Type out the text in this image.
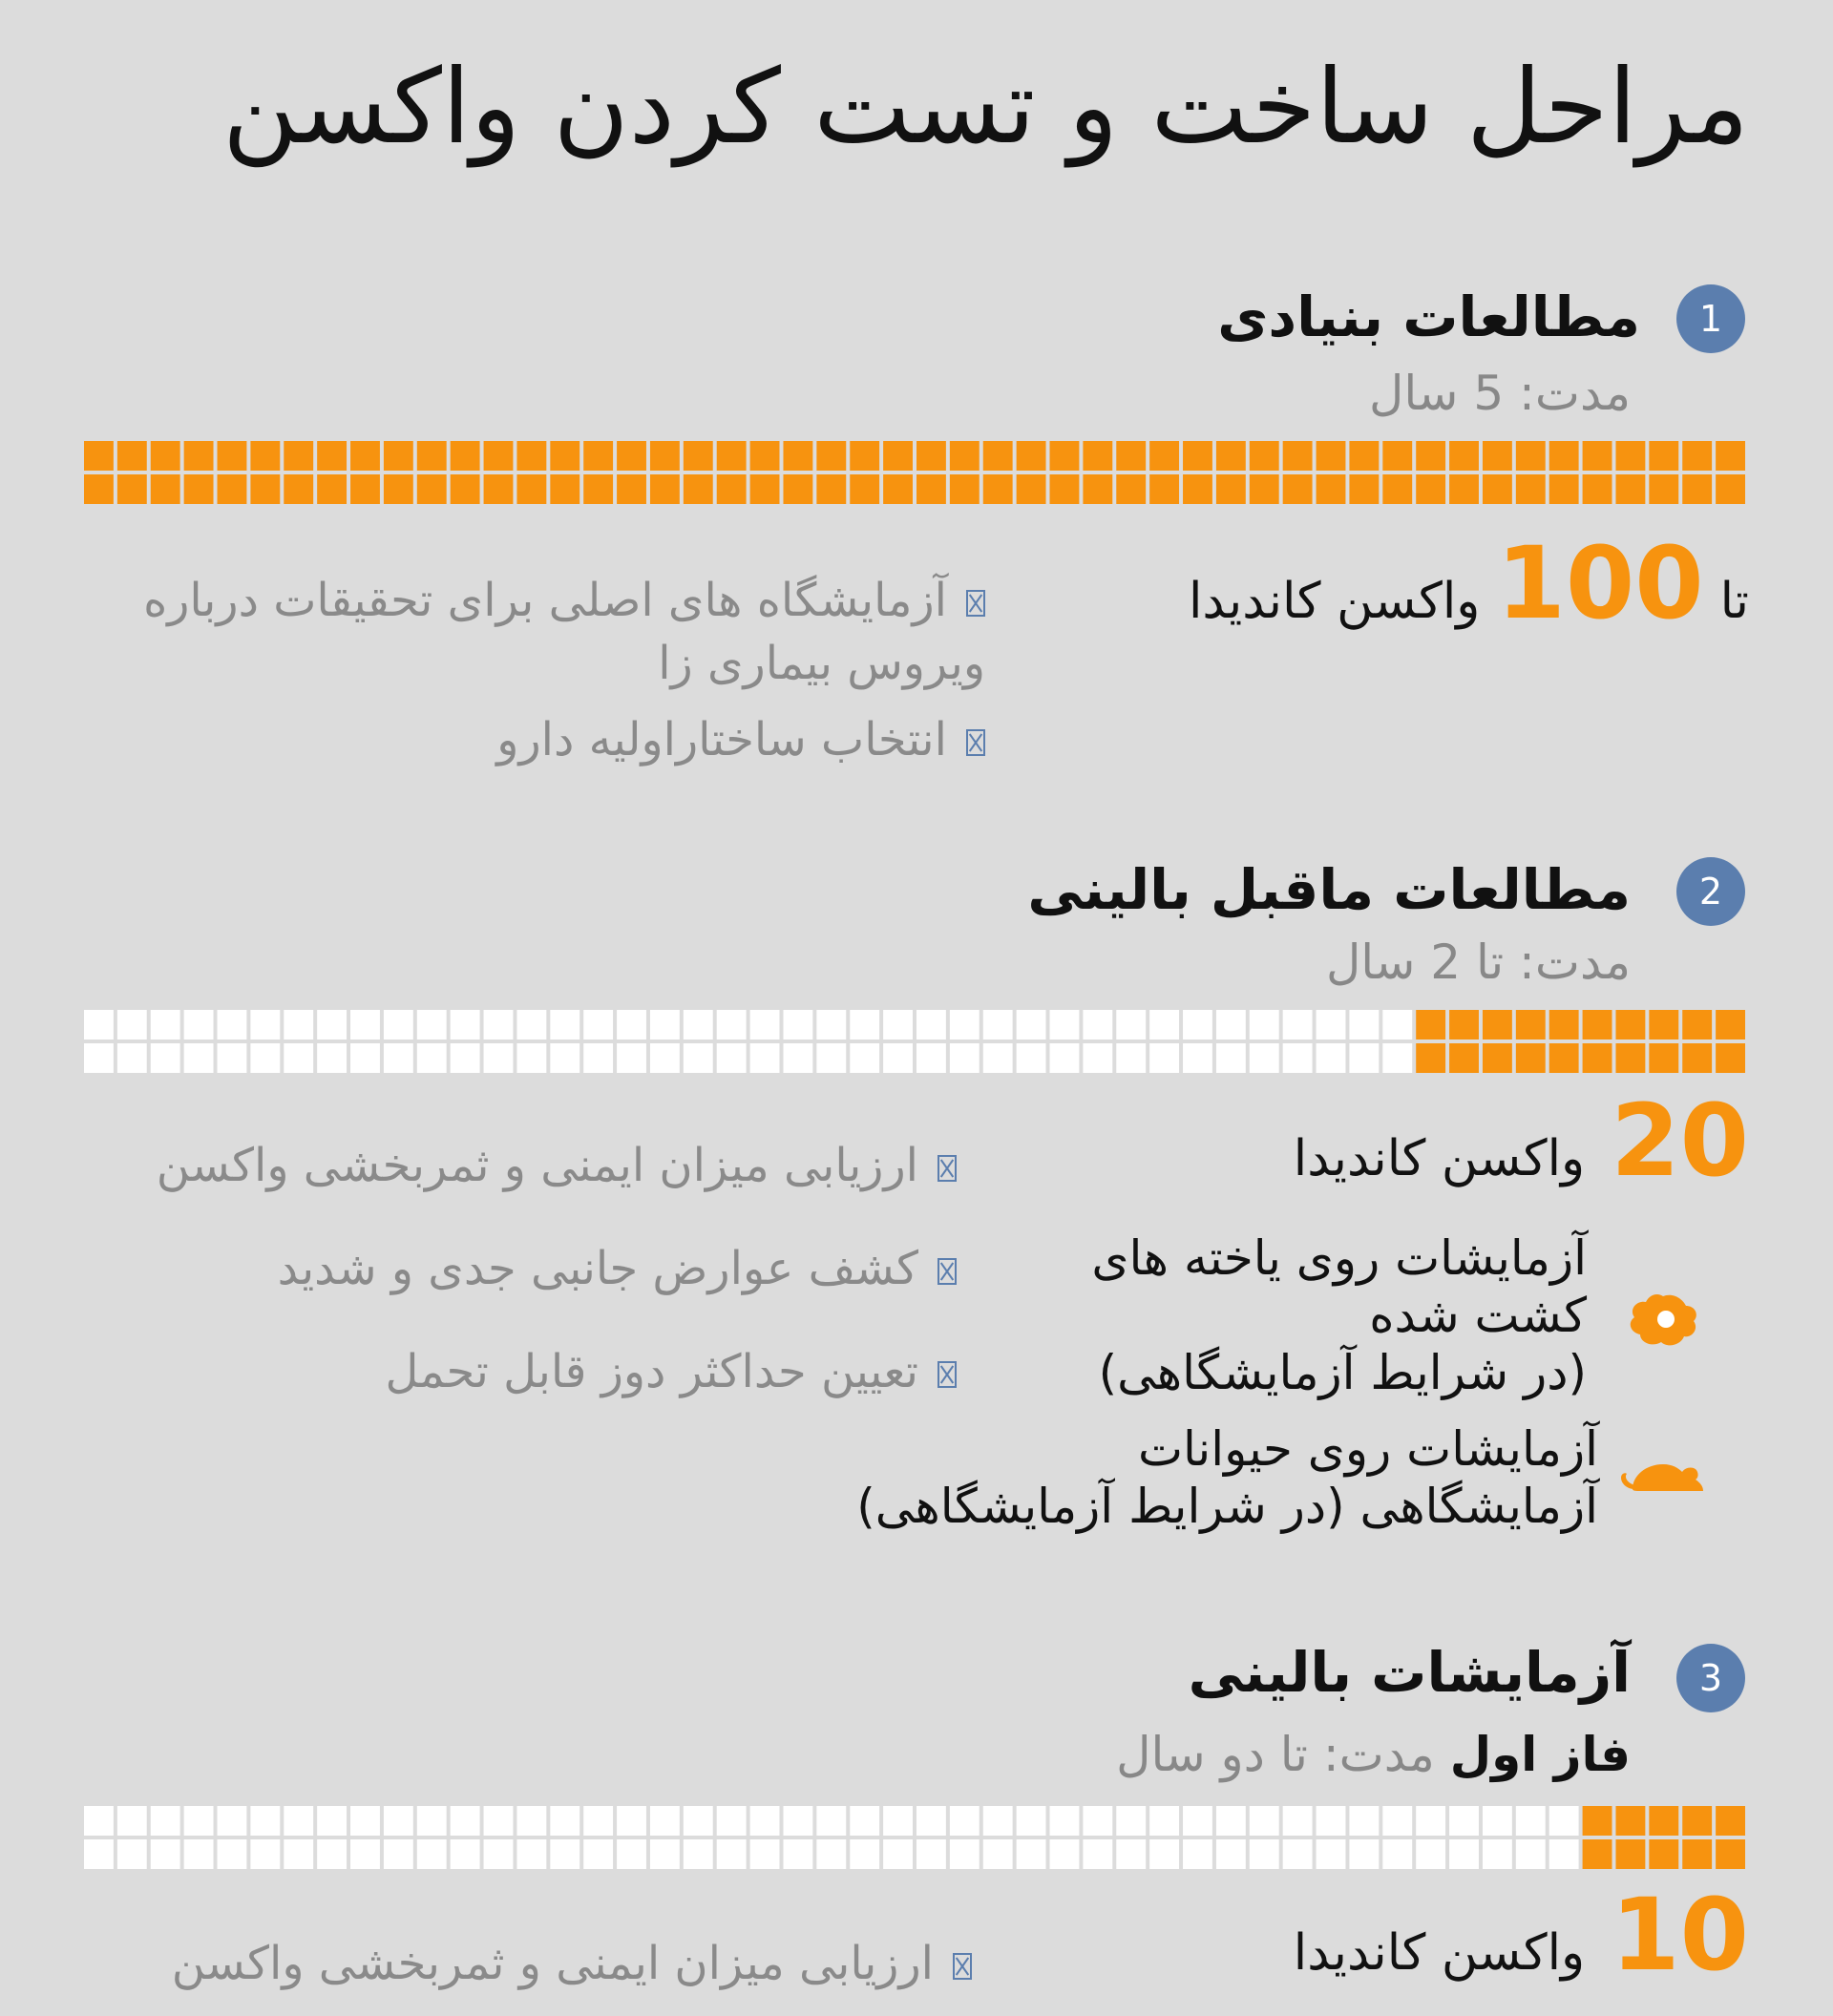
مراحل ساخت و تست کردن واکسن
1
مطالعات بنیادی
مدت: 5 سال
تا 100 واکسن کاندیدا
آزمایشگاه های اصلی برای تحقیقات درباره ویروس بیماری زا
انتخاب ساختاراولیه دارو
2
مطالعات ماقبل بالینی
مدت: تا 2 سال
20 واکسن کاندیدا
ارزیابی میزان ایمنی و ثمربخشی واکسن
کشف عوارض جانبی جدی و شدید
تعیین حداکثر دوز قابل تحمل
آزمایشات روی یاخته های
کشت شده
(در شرایط آزمایشگاهی)
آزمایشات روی حیوانات
آزمایشگاهی (در شرایط آزمایشگاهی)
3
آزمایشات بالینی
فاز اول مدت: تا دو سال
10 واکسن کاندیدا
ارزیابی میزان ایمنی و ثمربخشی واکسن
